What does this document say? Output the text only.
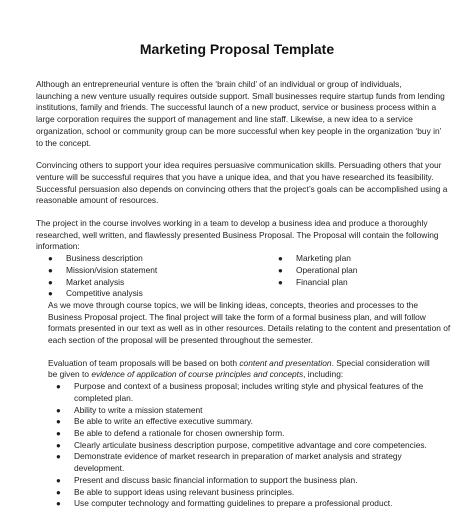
Marketing Proposal Template
Although an entrepreneurial venture is often the ‘brain child’ of an individual or group of individuals,
launching a new venture usually requires outside support. Small businesses require startup funds from lending
institutions, family and friends. The successful launch of a new product, service or business process within a
large corporation requires the support of management and line staff. Likewise, a new idea to a service
organization, school or community group can be more successful when key people in the organization ‘buy in’
to the concept.
Convincing others to support your idea requires persuasive communication skills. Persuading others that your
venture will be successful requires that you have a unique idea, and that you have researched its feasibility.
Successful persuasion also depends on convincing others that the project’s goals can be accomplished using a
reasonable amount of resources.
The project in the course involves working in a team to develop a business idea and produce a thoroughly
researched, well written, and flawlessly presented Business Proposal. The Proposal will contain the following
information:
●	Business description
●	Mission/vision statement
●	Market analysis
●	Competitive analysis
●	Marketing plan
●	Operational plan
●	Financial plan
As we move through course topics, we will be linking ideas, concepts, theories and processes to the
Business Proposal project. The final project will take the form of a formal business plan, and will follow
formats presented in our text as well as in other resources. Details relating to the content and presentation of
each section of the proposal will be presented throughout the semester.
Evaluation of team proposals will be based on both content and presentation. Special consideration will
be given to evidence of application of course principles and concepts, including:
●	Purpose and context of a business proposal; includes writing style and physical features of the
completed plan.
●	Ability to write a mission statement
●	Be able to write an effective executive summary.
●	Be able to defend a rationale for chosen ownership form.
●	Clearly articulate business description purpose, competitive advantage and core competencies.
●	Demonstrate evidence of market research in preparation of market analysis and strategy
development.
●	Present and discuss basic financial information to support the business plan.
●	Be able to support ideas using relevant business principles.
●	Use computer technology and formatting guidelines to prepare a professional product.
